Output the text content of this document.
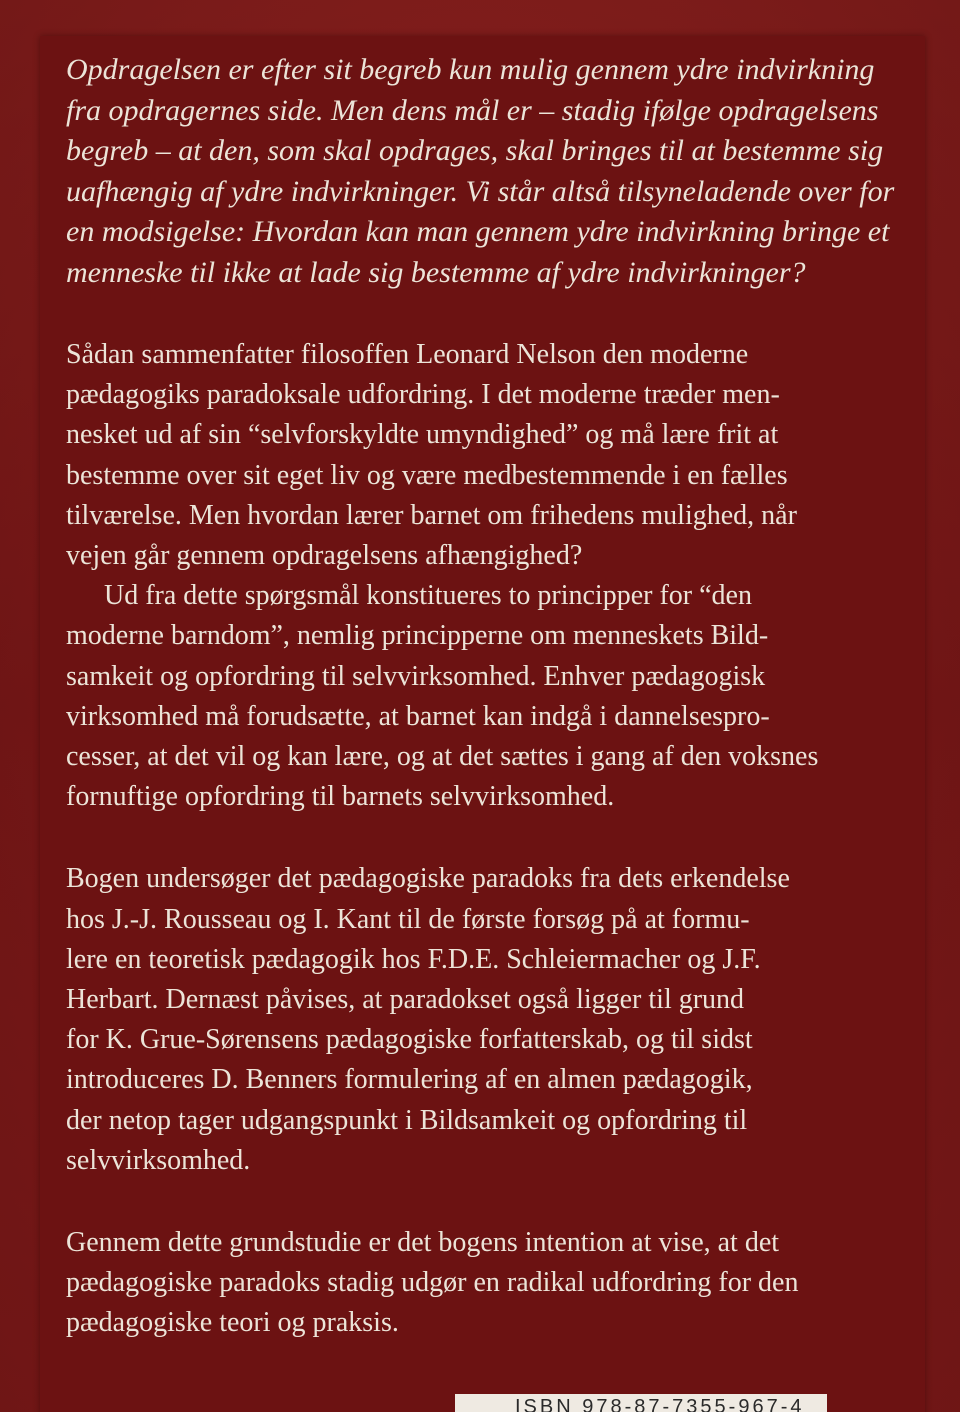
Opdragelsen er efter sit begreb kun mulig gennem ydre indvirkning
fra opdragernes side. Men dens mål er – stadig ifølge opdragelsens
begreb – at den, som skal opdrages, skal bringes til at bestemme sig
uafhængig af ydre indvirkninger. Vi står altså tilsyneladende over for
en modsigelse: Hvordan kan man gennem ydre indvirkning bringe et
menneske til ikke at lade sig bestemme af ydre indvirkninger?
Sådan sammenfatter filosoffen Leonard Nelson den moderne
pædagogiks paradoksale udfordring. I det moderne træder men-
nesket ud af sin “selvforskyldte umyndighed” og må lære frit at
bestemme over sit eget liv og være medbestemmende i en fælles
tilværelse. Men hvordan lærer barnet om frihedens mulighed, når
vejen går gennem opdragelsens afhængighed?
Ud fra dette spørgsmål konstitueres to principper for “den
moderne barndom”, nemlig principperne om menneskets Bild-
samkeit og opfordring til selvvirksomhed. Enhver pædagogisk
virksomhed må forudsætte, at barnet kan indgå i dannelsespro-
cesser, at det vil og kan lære, og at det sættes i gang af den voksnes
fornuftige opfordring til barnets selvvirksomhed.
Bogen undersøger det pædagogiske paradoks fra dets erkendelse
hos J.-J. Rousseau og I. Kant til de første forsøg på at formu-
lere en teoretisk pædagogik hos F.D.E. Schleiermacher og J.F.
Herbart. Dernæst påvises, at paradokset også ligger til grund
for K. Grue-Sørensens pædagogiske forfatterskab, og til sidst
introduceres D. Benners formulering af en almen pædagogik,
der netop tager udgangspunkt i Bildsamkeit og opfordring til
selvvirksomhed.
Gennem dette grundstudie er det bogens intention at vise, at det
pædagogiske paradoks stadig udgør en radikal udfordring for den
pædagogiske teori og praksis.
ISBN 978-87-7355-967-4
